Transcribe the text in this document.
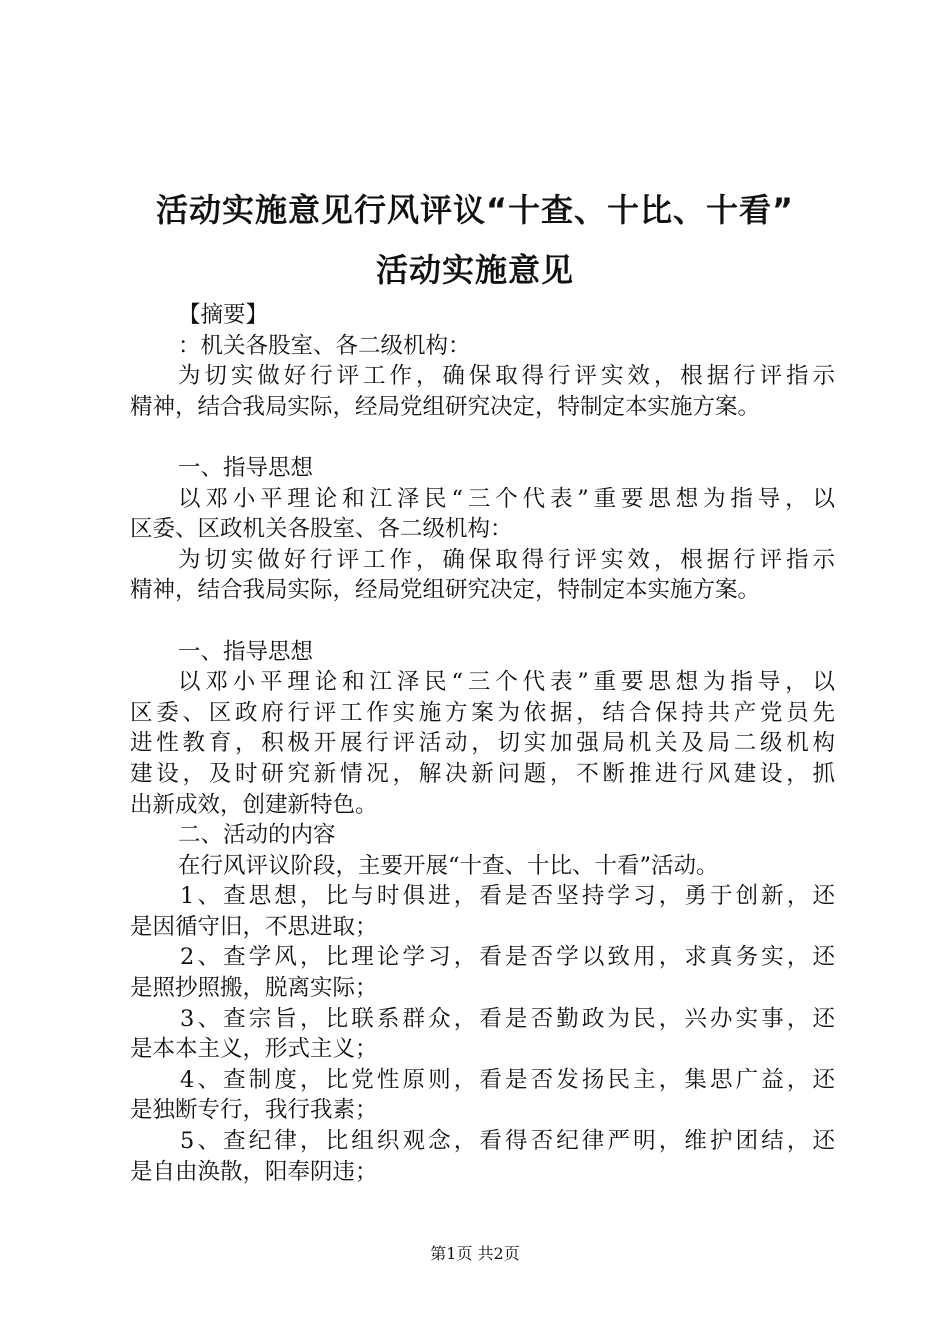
活动实施意见行风评议“十查、十比、十看”
活动实施意见
【摘要】
：机关各股室、各二级机构：
为切实做好行评工作，确保取得行评实效，根据行评指示
精神，结合我局实际，经局党组研究决定，特制定本实施方案。
一、指导思想
以邓小平理论和江泽民“三个代表”重要思想为指导，以
区委、区政机关各股室、各二级机构：
为切实做好行评工作，确保取得行评实效，根据行评指示
精神，结合我局实际，经局党组研究决定，特制定本实施方案。
一、指导思想
以邓小平理论和江泽民“三个代表”重要思想为指导，以
区委、区政府行评工作实施方案为依据，结合保持共产党员先
进性教育，积极开展行评活动，切实加强局机关及局二级机构
建设，及时研究新情况，解决新问题，不断推进行风建设，抓
出新成效，创建新特色。
二、活动的内容
在行风评议阶段，主要开展“十查、十比、十看”活动。
1、查思想，比与时俱进，看是否坚持学习，勇于创新，还
是因循守旧，不思进取；
2、查学风，比理论学习，看是否学以致用，求真务实，还
是照抄照搬，脱离实际；
3、查宗旨，比联系群众，看是否勤政为民，兴办实事，还
是本本主义，形式主义；
4、查制度，比党性原则，看是否发扬民主，集思广益，还
是独断专行，我行我素；
5、查纪律，比组织观念，看得否纪律严明，维护团结，还
是自由涣散，阳奉阴违；
第1页 共2页
